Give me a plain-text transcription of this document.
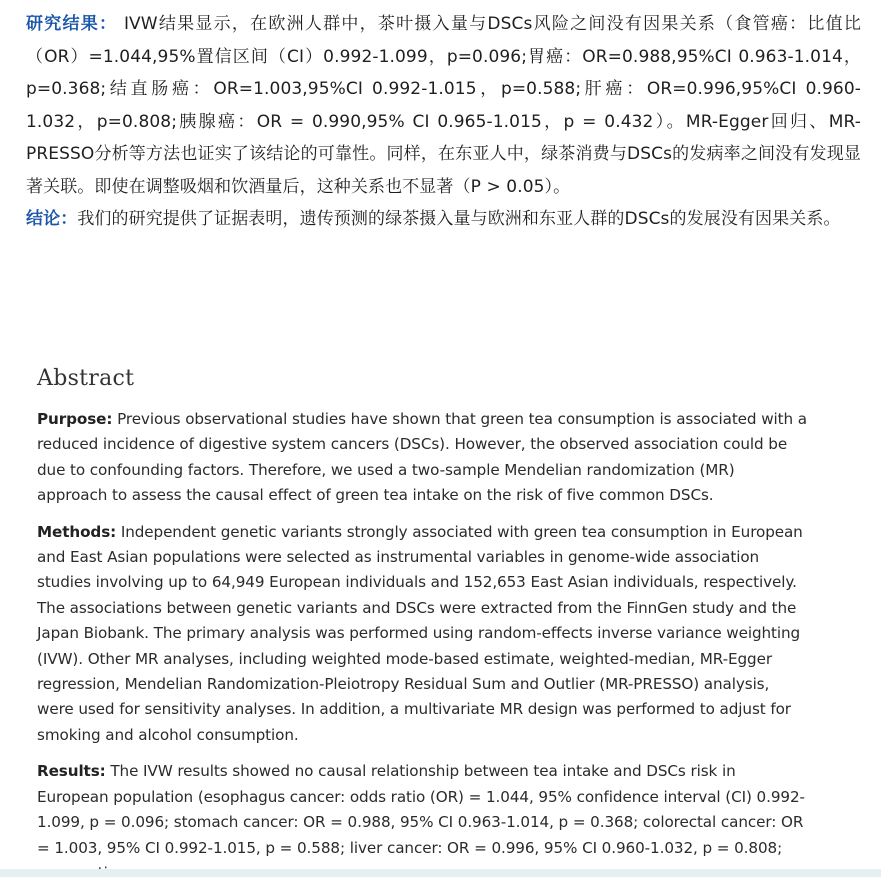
研究结果： IVW结果显示，在欧洲人群中，茶叶摄入量与DSCs风险之间没有因果关系（食管癌：比值比（OR）=1.044,95%置信区间（CI）0.992-1.099，p=0.096;胃癌：OR=0.988,95%CI 0.963-1.014，p=0.368;结直肠癌：OR=1.003,95%CI 0.992-1.015，p=0.588;肝癌：OR=0.996,95%CI 0.960-1.032，p=0.808;胰腺癌：OR = 0.990,95% CI 0.965-1.015，p = 0.432）。MR-Egger回归、MR-PRESSO分析等方法也证实了该结论的可靠性。同样，在东亚人中，绿茶消费与DSCs的发病率之间没有发现显著关联。即使在调整吸烟和饮酒量后，这种关系也不显著（P > 0.05）。

结论：我们的研究提供了证据表明，遗传预测的绿茶摄入量与欧洲和东亚人群的DSCs的发展没有因果关系。

Abstract

Purpose: Previous observational studies have shown that green tea consumption is associated with a reduced incidence of digestive system cancers (DSCs). However, the observed association could be due to confounding factors. Therefore, we used a two-sample Mendelian randomization (MR) approach to assess the causal effect of green tea intake on the risk of five common DSCs.

Methods: Independent genetic variants strongly associated with green tea consumption in European and East Asian populations were selected as instrumental variables in genome-wide association studies involving up to 64,949 European individuals and 152,653 East Asian individuals, respectively. The associations between genetic variants and DSCs were extracted from the FinnGen study and the Japan Biobank. The primary analysis was performed using random-effects inverse variance weighting (IVW). Other MR analyses, including weighted mode-based estimate, weighted-median, MR-Egger regression, Mendelian Randomization-Pleiotropy Residual Sum and Outlier (MR-PRESSO) analysis, were used for sensitivity analyses. In addition, a multivariate MR design was performed to adjust for smoking and alcohol consumption.

Results: The IVW results showed no causal relationship between tea intake and DSCs risk in European population (esophagus cancer: odds ratio (OR) = 1.044, 95% confidence interval (CI) 0.992-1.099, p = 0.096; stomach cancer: OR = 0.988, 95% CI 0.963-1.014, p = 0.368; colorectal cancer: OR = 1.003, 95% CI 0.992-1.015, p = 0.588; liver cancer: OR = 0.996, 95% CI 0.960-1.032, p = 0.808;
